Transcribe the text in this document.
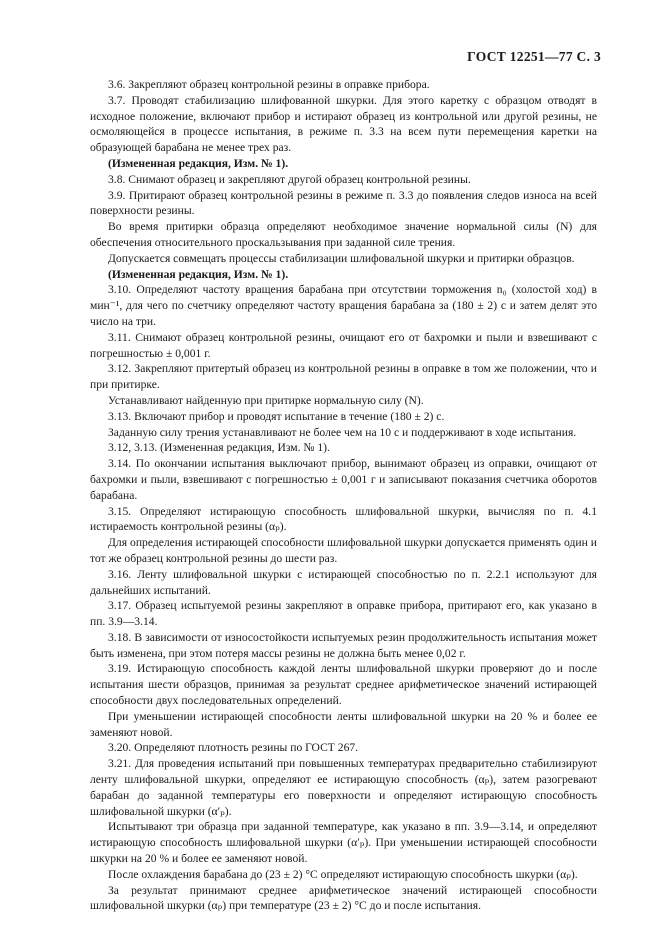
ГОСТ 12251—77 С. 3

3.6. Закрепляют образец контрольной резины в оправке прибора.

3.7. Проводят стабилизацию шлифованной шкурки. Для этого каретку с образцом отводят в исходное положение, включают прибор и истирают образец из контрольной или другой резины, не осмоляющейся в процессе испытания, в режиме п. 3.3 на всем пути перемещения каретки на образующей барабана не менее трех раз.

(Измененная редакция, Изм. № 1).

3.8. Снимают образец и закрепляют другой образец контрольной резины.

3.9. Притирают образец контрольной резины в режиме п. 3.3 до появления следов износа на всей поверхности резины.

Во время притирки образца определяют необходимое значение нормальной силы (N) для обеспечения относительного проскальзывания при заданной силе трения.

Допускается совмещать процессы стабилизации шлифовальной шкурки и притирки образцов.

(Измененная редакция, Изм. № 1).

3.10. Определяют частоту вращения барабана при отсутствии торможения n₀ (холостой ход) в мин⁻¹, для чего по счетчику определяют частоту вращения барабана за (180 ± 2) с и затем делят это число на три.

3.11. Снимают образец контрольной резины, очищают его от бахромки и пыли и взвешивают с погрешностью ± 0,001 г.

3.12. Закрепляют притертый образец из контрольной резины в оправке в том же положении, что и при притирке.

Устанавливают найденную при притирке нормальную силу (N).

3.13. Включают прибор и проводят испытание в течение (180 ± 2) с.

Заданную силу трения устанавливают не более чем на 10 с и поддерживают в ходе испытания.

3.12, 3.13. (Измененная редакция, Изм. № 1).

3.14. По окончании испытания выключают прибор, вынимают образец из оправки, очищают от бахромки и пыли, взвешивают с погрешностью ± 0,001 г и записывают показания счетчика оборотов барабана.

3.15. Определяют истирающую способность шлифовальной шкурки, вычисляя по п. 4.1 истираемость контрольной резины (αₚ).

Для определения истирающей способности шлифовальной шкурки допускается применять один и тот же образец контрольной резины до шести раз.

3.16. Ленту шлифовальной шкурки с истирающей способностью по п. 2.2.1 используют для дальнейших испытаний.

3.17. Образец испытуемой резины закрепляют в оправке прибора, притирают его, как указано в пп. 3.9—3.14.

3.18. В зависимости от износостойкости испытуемых резин продолжительность испытания может быть изменена, при этом потеря массы резины не должна быть менее 0,02 г.

3.19. Истирающую способность каждой ленты шлифовальной шкурки проверяют до и после испытания шести образцов, принимая за результат среднее арифметическое значений истирающей способности двух последовательных определений.

При уменьшении истирающей способности ленты шлифовальной шкурки на 20 % и более ее заменяют новой.

3.20. Определяют плотность резины по ГОСТ 267.

3.21. Для проведения испытаний при повышенных температурах предварительно стабилизируют ленту шлифовальной шкурки, определяют ее истирающую способность (αₚ), затем разогревают барабан до заданной температуры его поверхности и определяют истирающую способность шлифовальной шкурки (α′ₚ).

Испытывают три образца при заданной температуре, как указано в пп. 3.9—3.14, и определяют истирающую способность шлифовальной шкурки (α′ₚ). При уменьшении истирающей способности шкурки на 20 % и более ее заменяют новой.

После охлаждения барабана до (23 ± 2) °С определяют истирающую способность шкурки (αₚ).

За результат принимают среднее арифметическое значений истирающей способности шлифовальной шкурки (αₚ) при температуре (23 ± 2) °С до и после испытания.
